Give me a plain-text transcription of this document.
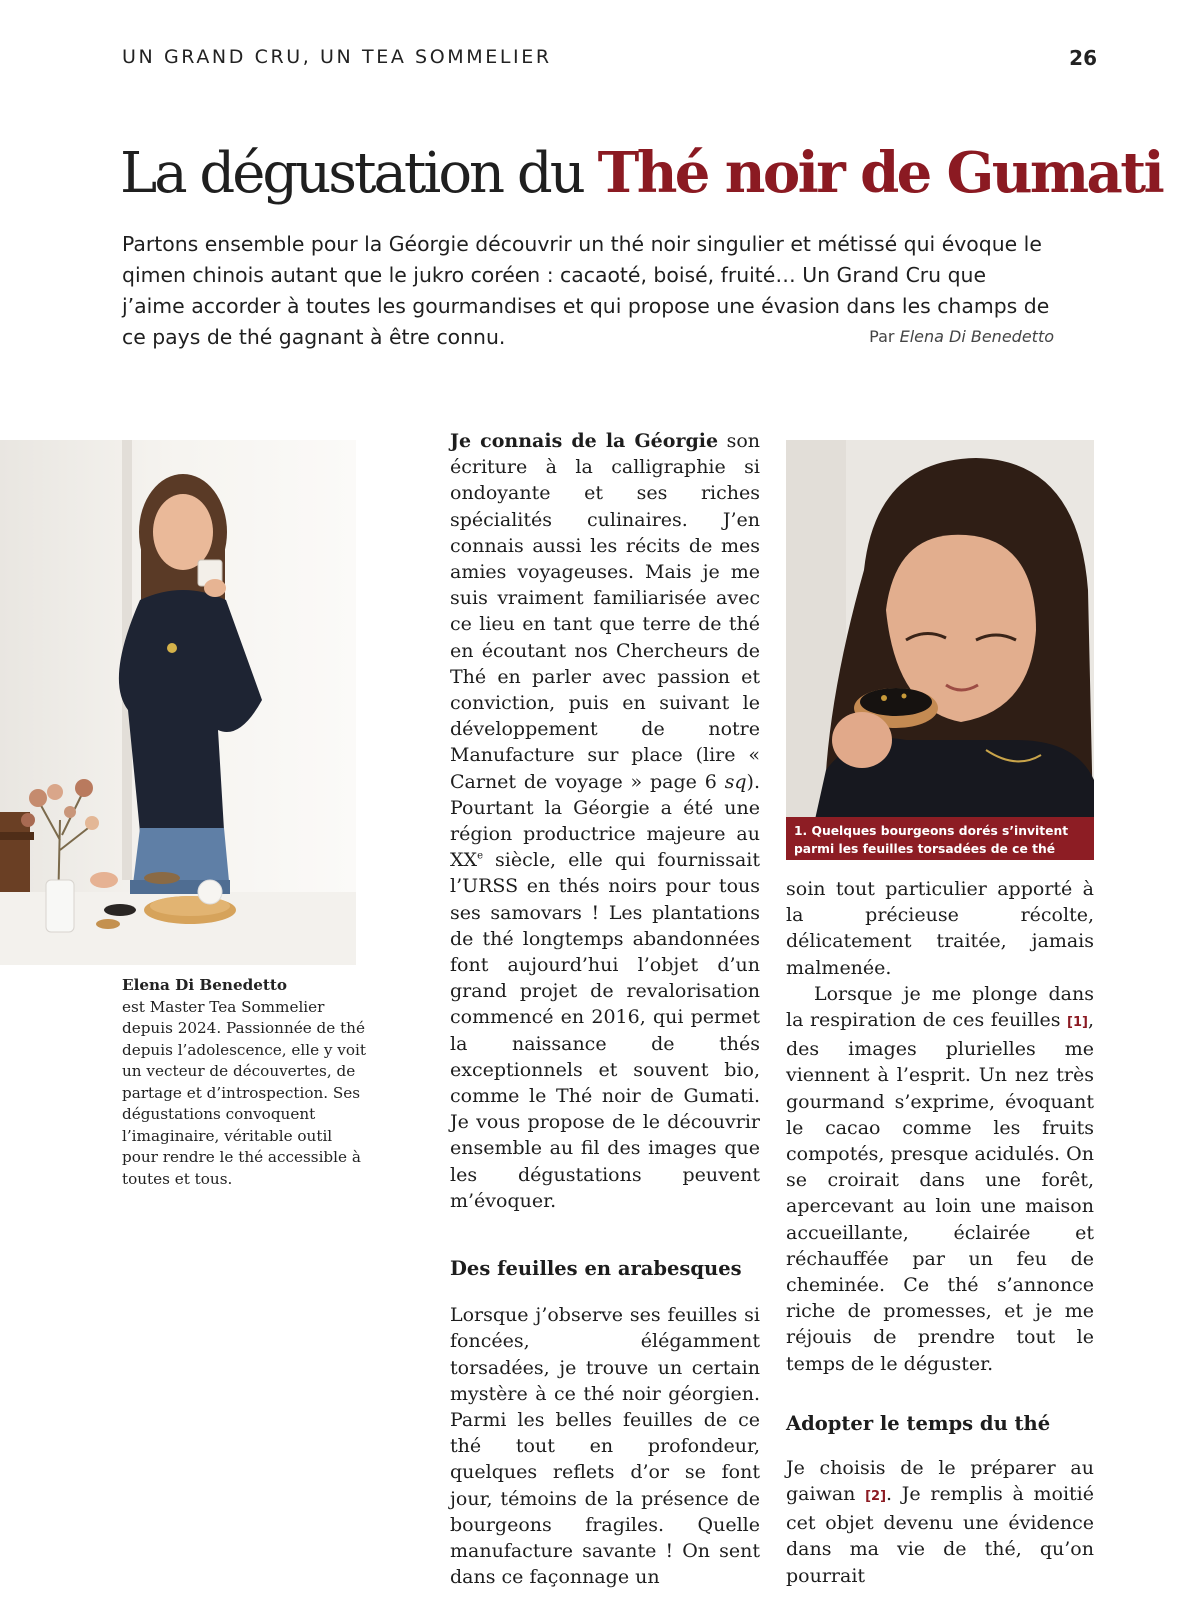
UN GRAND CRU, UN TEA SOMMELIER	26
La dégustation du Thé noir de Gumati
Partons ensemble pour la Géorgie découvrir un thé noir singulier et métissé qui évoque le qimen chinois autant que le jukro coréen : cacaoté, boisé, fruité… Un Grand Cru que j’aime accorder à toutes les gourmandises et qui propose une évasion dans les champs de ce pays de thé gagnant à être connu.	Par Elena Di Benedetto
1. Quelques bourgeons dorés s’invitent parmi les feuilles torsadées de ce thé noir.
Elena Di Benedetto
est Master Tea Sommelier depuis 2024. Passionnée de thé depuis l’adolescence, elle y voit un vecteur de découvertes, de partage et d’introspection. Ses dégustations convoquent l’imaginaire, véritable outil pour rendre le thé accessible à toutes et tous.

Je connais de la Géorgie son écriture à la calligraphie si ondoyante et ses riches spécialités culinaires. J’en connais aussi les récits de mes amies voyageuses. Mais je me suis vraiment familiarisée avec ce lieu en tant que terre de thé en écoutant nos Chercheurs de Thé en parler avec passion et conviction, puis en suivant le développement de notre Manufacture sur place (lire « Carnet de voyage » page 6 sq). Pourtant la Géorgie a été une région productrice majeure au XXe siècle, elle qui fournissait l’URSS en thés noirs pour tous ses samovars ! Les plantations de thé longtemps abandonnées font aujourd’hui l’objet d’un grand projet de revalorisation commencé en 2016, qui permet la naissance de thés exceptionnels et souvent bio, comme le Thé noir de Gumati. Je vous propose de le découvrir ensemble au fil des images que les dégustations peuvent m’évoquer.

Des feuilles en arabesques

Lorsque j’observe ses feuilles si foncées, élégamment torsadées, je trouve un certain mystère à ce thé noir géorgien. Parmi les belles feuilles de ce thé tout en profondeur, quelques reflets d’or se font jour, témoins de la présence de bourgeons fragiles. Quelle manufacture savante ! On sent dans ce façonnage un

soin tout particulier apporté à la précieuse récolte, délicatement traitée, jamais malmenée.

Lorsque je me plonge dans la respiration de ces feuilles [1], des images plurielles me viennent à l’esprit. Un nez très gourmand s’exprime, évoquant le cacao comme les fruits compotés, presque acidulés. On se croirait dans une forêt, apercevant au loin une maison accueillante, éclairée et réchauffée par un feu de cheminée. Ce thé s’annonce riche de promesses, et je me réjouis de prendre tout le temps de le déguster.

Adopter le temps du thé

Je choisis de le préparer au gaiwan [2]. Je remplis à moitié cet objet devenu une évidence dans ma vie de thé, qu’on pourrait
